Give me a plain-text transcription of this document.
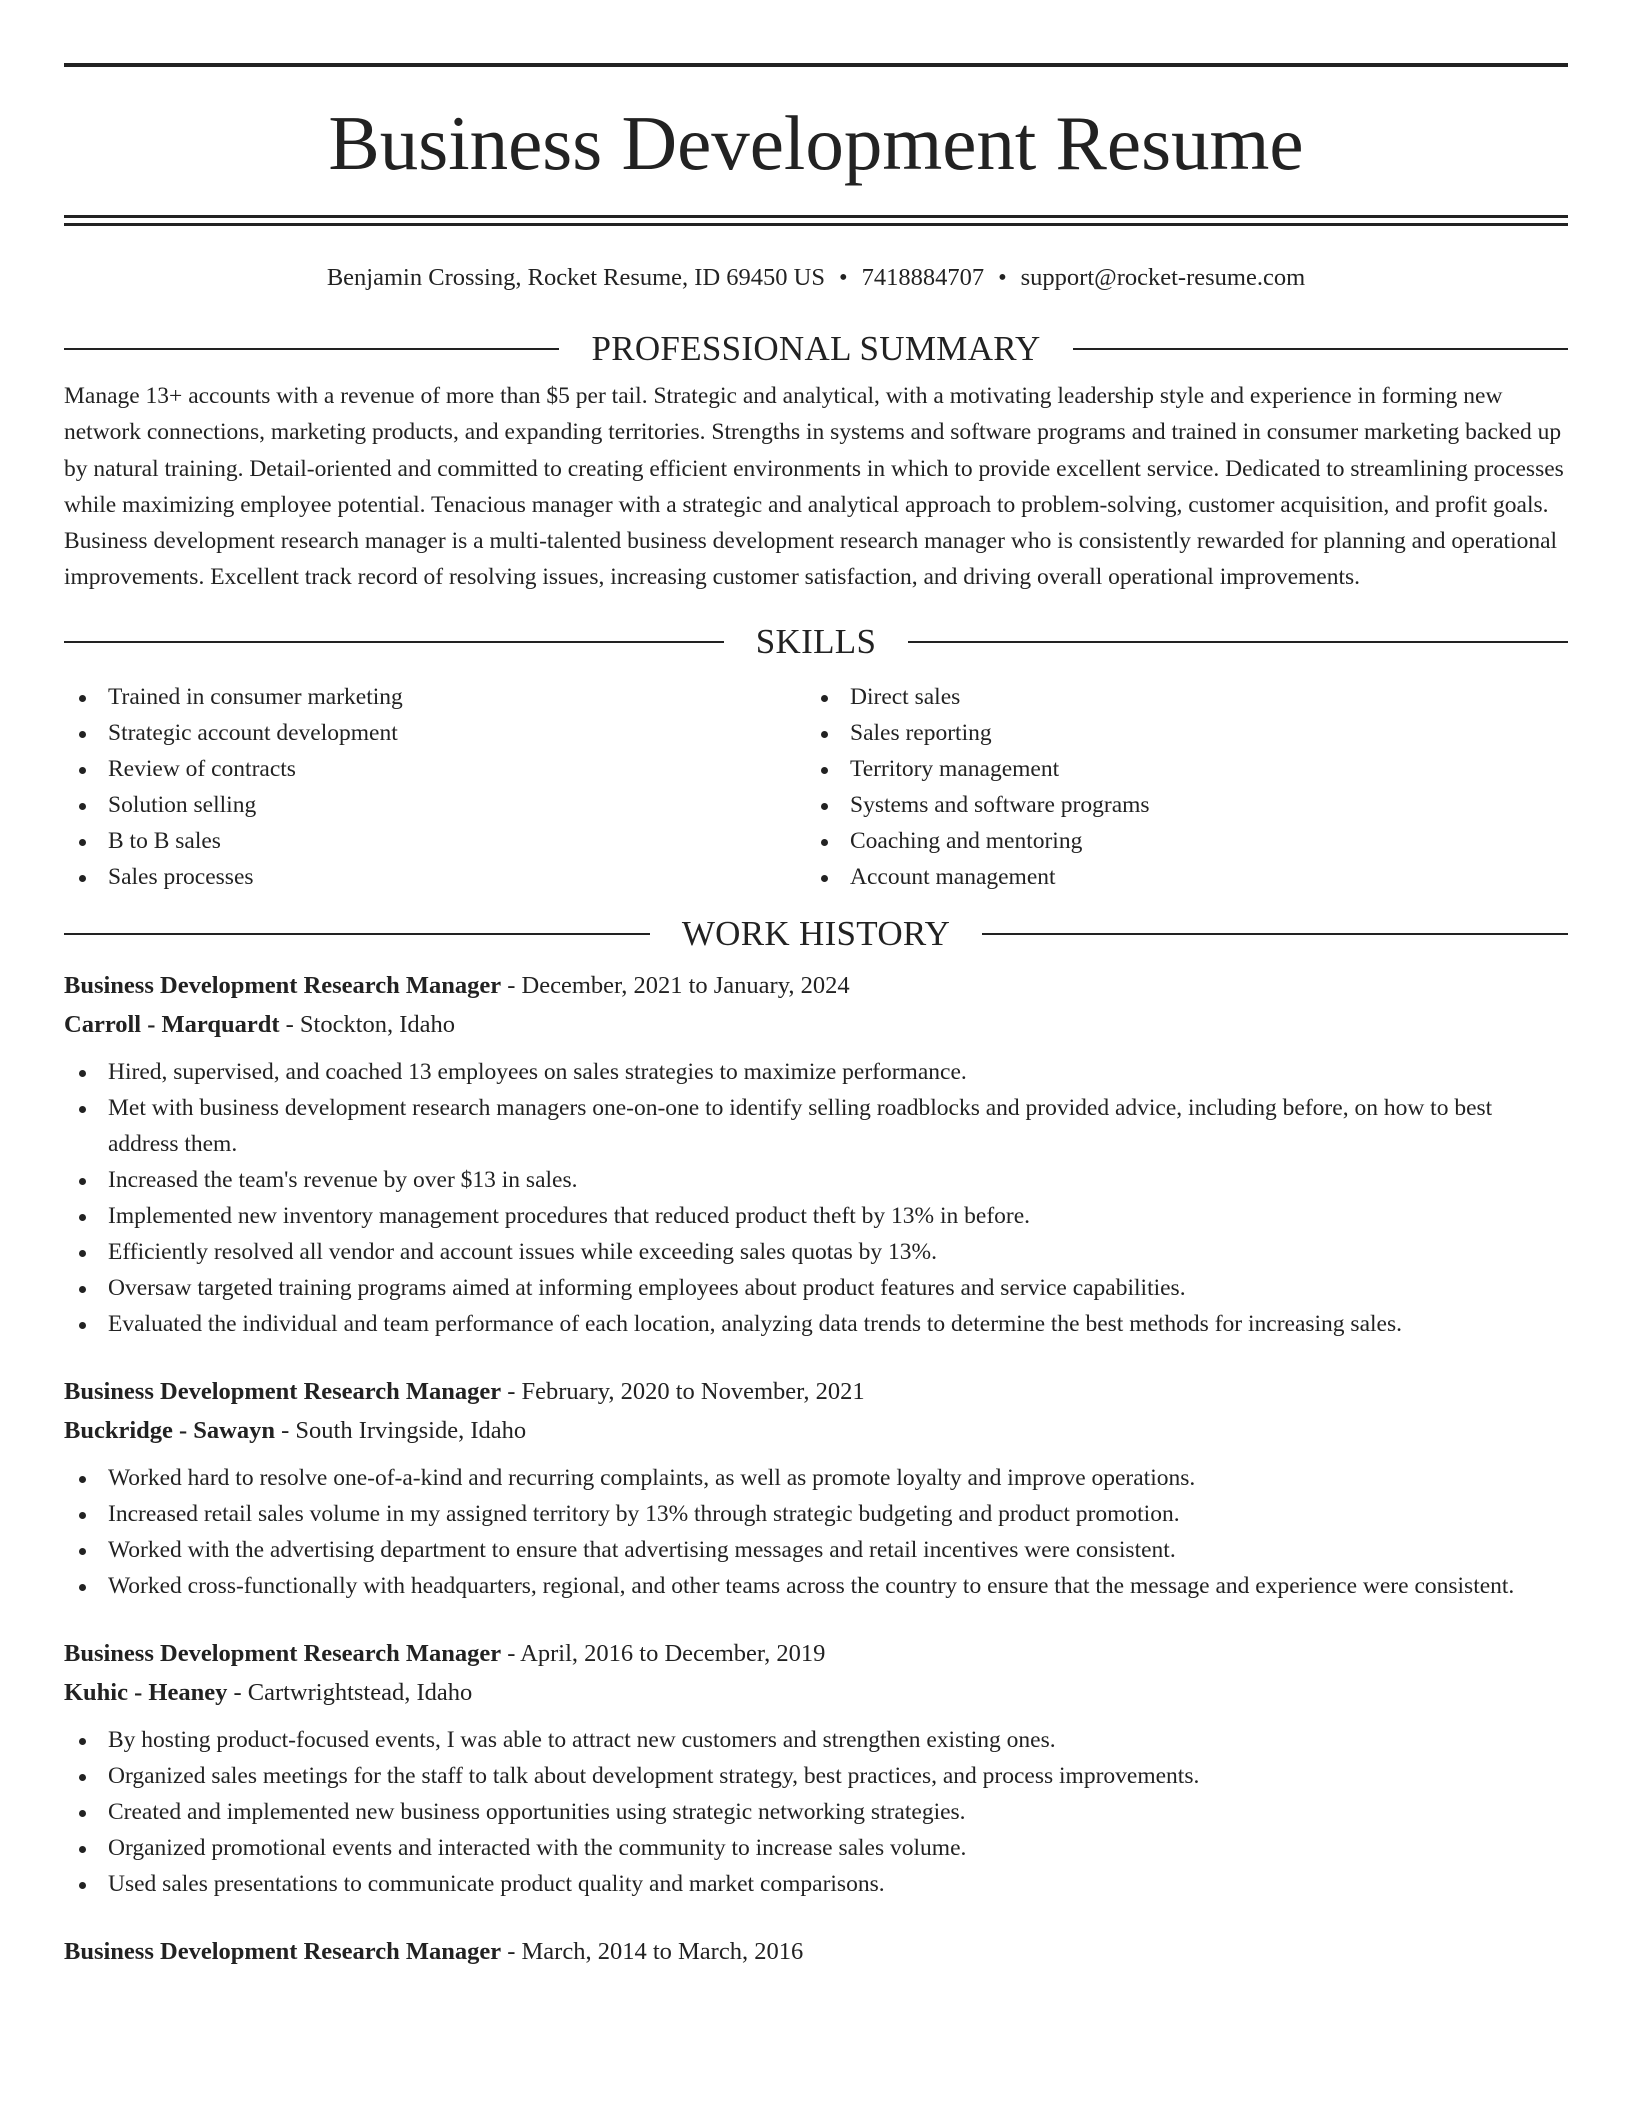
Business Development Resume
Benjamin Crossing, Rocket Resume, ID 69450 US • 7418884707 • support@rocket-resume.com
PROFESSIONAL SUMMARY
Manage 13+ accounts with a revenue of more than $5 per tail. Strategic and analytical, with a motivating leadership style and experience in forming new network connections, marketing products, and expanding territories. Strengths in systems and software programs and trained in consumer marketing backed up by natural training. Detail-oriented and committed to creating efficient environments in which to provide excellent service. Dedicated to streamlining processes while maximizing employee potential. Tenacious manager with a strategic and analytical approach to problem-solving, customer acquisition, and profit goals. Business development research manager is a multi-talented business development research manager who is consistently rewarded for planning and operational improvements. Excellent track record of resolving issues, increasing customer satisfaction, and driving overall operational improvements.
SKILLS
Trained in consumer marketing
Strategic account development
Review of contracts
Solution selling
B to B sales
Sales processes
Direct sales
Sales reporting
Territory management
Systems and software programs
Coaching and mentoring
Account management
WORK HISTORY
Business Development Research Manager - December, 2021 to January, 2024
Carroll - Marquardt - Stockton, Idaho
Hired, supervised, and coached 13 employees on sales strategies to maximize performance.
Met with business development research managers one-on-one to identify selling roadblocks and provided advice, including before, on how to best address them.
Increased the team's revenue by over $13 in sales.
Implemented new inventory management procedures that reduced product theft by 13% in before.
Efficiently resolved all vendor and account issues while exceeding sales quotas by 13%.
Oversaw targeted training programs aimed at informing employees about product features and service capabilities.
Evaluated the individual and team performance of each location, analyzing data trends to determine the best methods for increasing sales.
Business Development Research Manager - February, 2020 to November, 2021
Buckridge - Sawayn - South Irvingside, Idaho
Worked hard to resolve one-of-a-kind and recurring complaints, as well as promote loyalty and improve operations.
Increased retail sales volume in my assigned territory by 13% through strategic budgeting and product promotion.
Worked with the advertising department to ensure that advertising messages and retail incentives were consistent.
Worked cross-functionally with headquarters, regional, and other teams across the country to ensure that the message and experience were consistent.
Business Development Research Manager - April, 2016 to December, 2019
Kuhic - Heaney - Cartwrightstead, Idaho
By hosting product-focused events, I was able to attract new customers and strengthen existing ones.
Organized sales meetings for the staff to talk about development strategy, best practices, and process improvements.
Created and implemented new business opportunities using strategic networking strategies.
Organized promotional events and interacted with the community to increase sales volume.
Used sales presentations to communicate product quality and market comparisons.
Business Development Research Manager - March, 2014 to March, 2016
